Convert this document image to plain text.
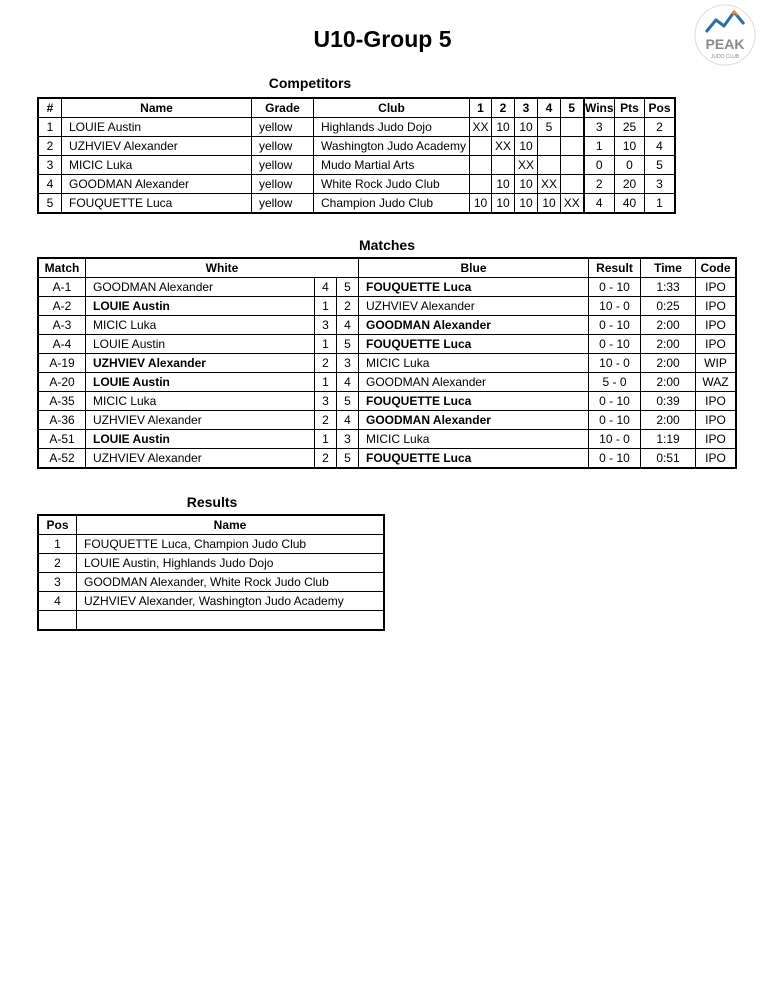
PEAK
JUDO CLUB
U10-Group 5
Competitors
#	Name	Grade	Club	1	2	3	4	5	Wins	Pts	Pos
1	LOUIE Austin	yellow	Highlands Judo Dojo	XX	10	10	5		3	25	2
2	UZHVIEV Alexander	yellow	Washington Judo Academy		XX	10			1	10	4
3	MICIC Luka	yellow	Mudo Martial Arts			XX			0	0	5
4	GOODMAN Alexander	yellow	White Rock Judo Club		10	10	XX		2	20	3
5	FOUQUETTE Luca	yellow	Champion Judo Club	10	10	10	10	XX	4	40	1
Matches
Match	White			Blue	Result	Time	Code
A-1	GOODMAN Alexander	4	5	FOUQUETTE Luca	0 - 10	1:33	IPO
A-2	LOUIE Austin	1	2	UZHVIEV Alexander	10 - 0	0:25	IPO
A-3	MICIC Luka	3	4	GOODMAN Alexander	0 - 10	2:00	IPO
A-4	LOUIE Austin	1	5	FOUQUETTE Luca	0 - 10	2:00	IPO
A-19	UZHVIEV Alexander	2	3	MICIC Luka	10 - 0	2:00	WIP
A-20	LOUIE Austin	1	4	GOODMAN Alexander	5 - 0	2:00	WAZ
A-35	MICIC Luka	3	5	FOUQUETTE Luca	0 - 10	0:39	IPO
A-36	UZHVIEV Alexander	2	4	GOODMAN Alexander	0 - 10	2:00	IPO
A-51	LOUIE Austin	1	3	MICIC Luka	10 - 0	1:19	IPO
A-52	UZHVIEV Alexander	2	5	FOUQUETTE Luca	0 - 10	0:51	IPO
Results
Pos	Name
1	FOUQUETTE Luca, Champion Judo Club
2	LOUIE Austin, Highlands Judo Dojo
3	GOODMAN Alexander, White Rock Judo Club
4	UZHVIEV Alexander, Washington Judo Academy
